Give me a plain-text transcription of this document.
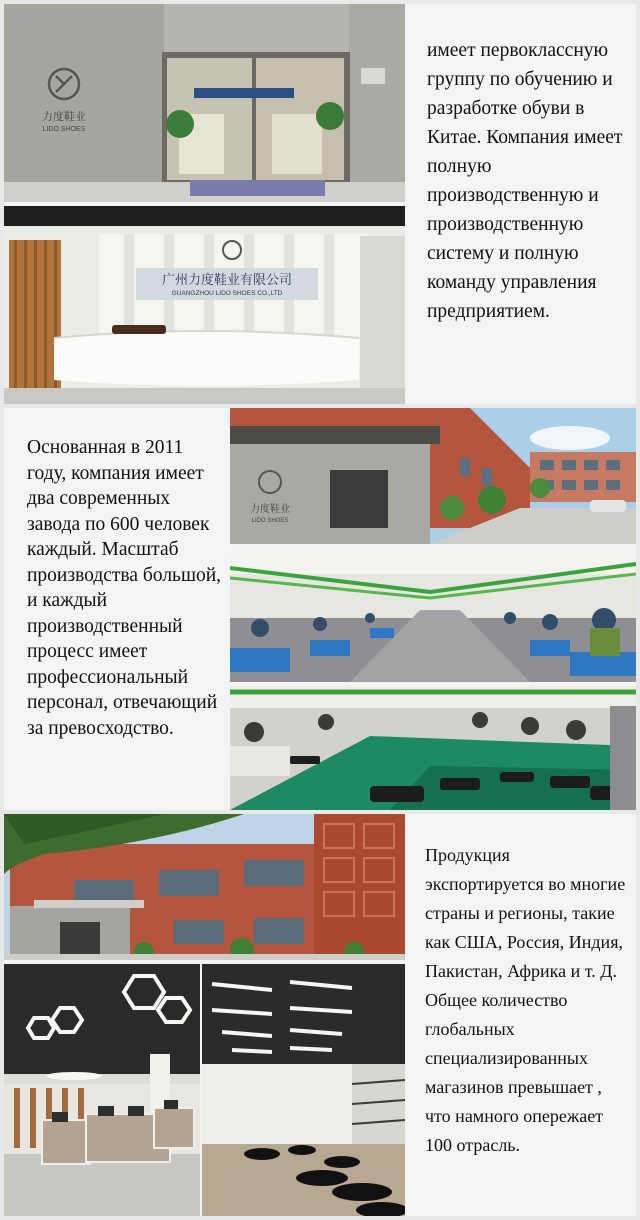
力度鞋业
LIDO SHOES
广州力度鞋业有限公司
GUANGZHOU LIDO SHOES CO.,LTD
имеет первоклассную группу по обучению и разработке обуви в Китае. Компания имеет полную производственную и производственную систему и полную команду управления предприятием.
Основанная в 2011 году, компания имеет два современных завода по 600 человек каждый. Масштаб производства большой, и каждый производственный процесс имеет профессиональный персонал, отвечающий за превосходство.
力度鞋业
LIDO SHOES
Продукция экспортируется во многие страны и регионы, такие как США, Россия, Индия, Пакистан, Африка и т. Д. Общее количество глобальных специализированных магазинов превышает , что намного опережает 100 отрасль.
